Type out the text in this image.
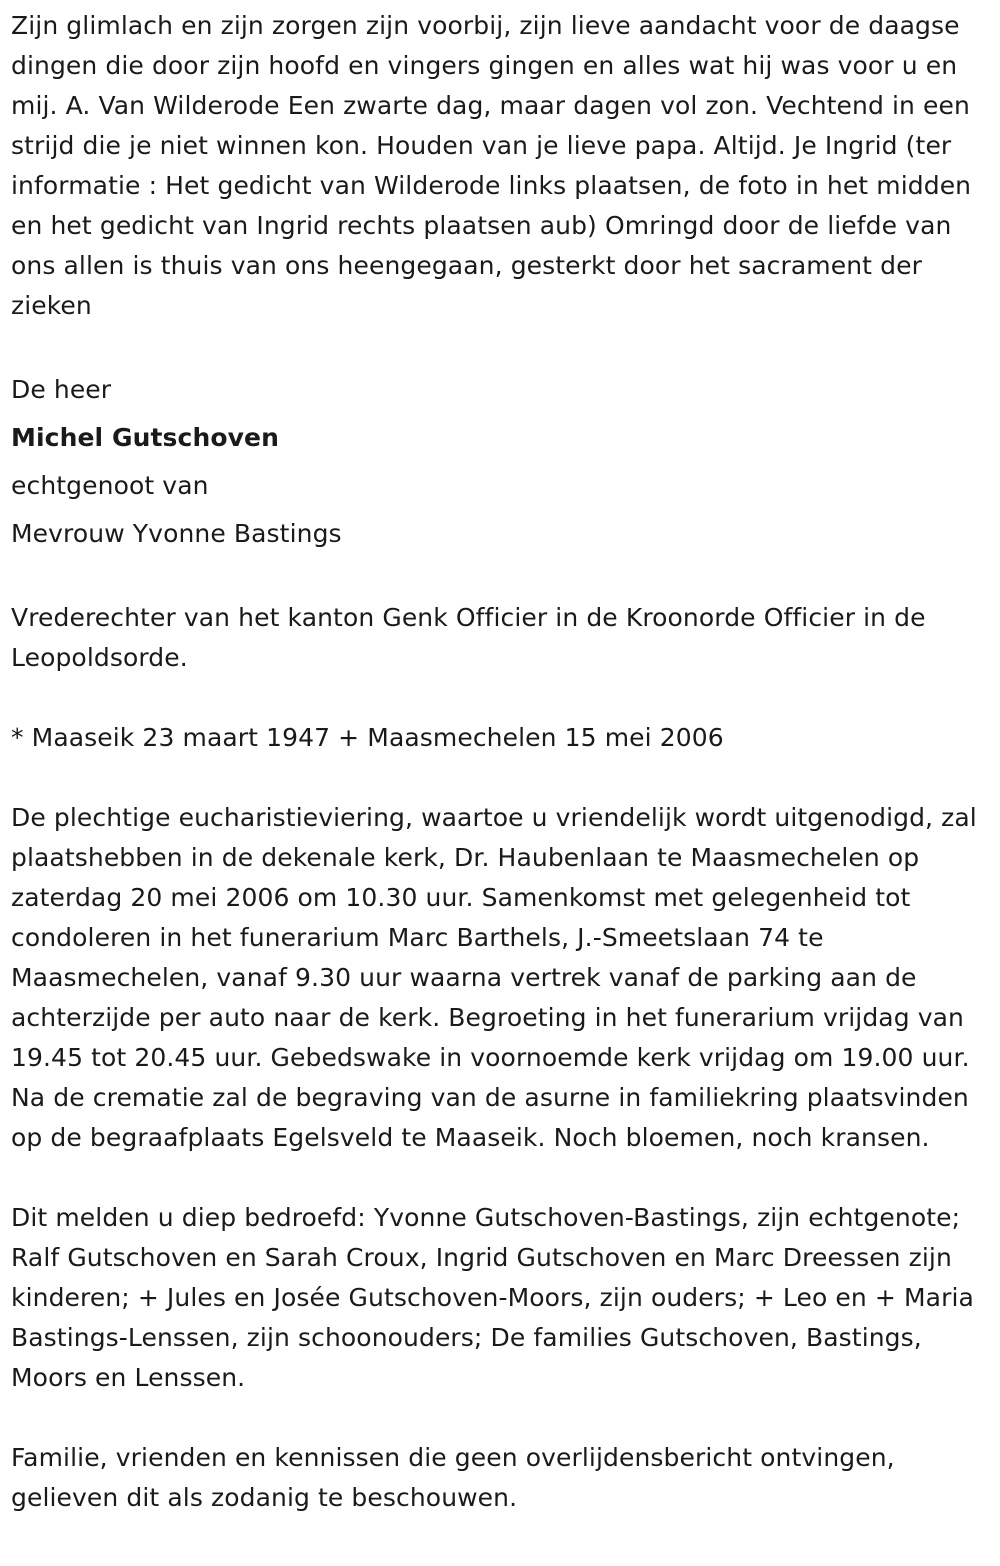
Zijn glimlach en zijn zorgen zijn voorbij, zijn lieve aandacht voor de daagse dingen die door zijn hoofd en vingers gingen en alles wat hij was voor u en mij. A. Van Wilderode Een zwarte dag, maar dagen vol zon. Vechtend in een strijd die je niet winnen kon. Houden van je lieve papa. Altijd. Je Ingrid (ter informatie : Het gedicht van Wilderode links plaatsen, de foto in het midden en het gedicht van Ingrid rechts plaatsen aub) Omringd door de liefde van ons allen is thuis van ons heengegaan, gesterkt door het sacrament der zieken

De heer

Michel Gutschoven

echtgenoot van

Mevrouw Yvonne Bastings

Vrederechter van het kanton Genk Officier in de Kroonorde Officier in de Leopoldsorde.

* Maaseik 23 maart 1947 + Maasmechelen 15 mei 2006

De plechtige eucharistieviering, waartoe u vriendelijk wordt uitgenodigd, zal plaatshebben in de dekenale kerk, Dr. Haubenlaan te Maasmechelen op zaterdag 20 mei 2006 om 10.30 uur. Samenkomst met gelegenheid tot condoleren in het funerarium Marc Barthels, J.-Smeetslaan 74 te Maasmechelen, vanaf 9.30 uur waarna vertrek vanaf de parking aan de achterzijde per auto naar de kerk. Begroeting in het funerarium vrijdag van 19.45 tot 20.45 uur. Gebedswake in voornoemde kerk vrijdag om 19.00 uur. Na de crematie zal de begraving van de asurne in familiekring plaatsvinden op de begraafplaats Egelsveld te Maaseik. Noch bloemen, noch kransen.

Dit melden u diep bedroefd: Yvonne Gutschoven-Bastings, zijn echtgenote; Ralf Gutschoven en Sarah Croux, Ingrid Gutschoven en Marc Dreessen zijn kinderen; + Jules en Josée Gutschoven-Moors, zijn ouders; + Leo en + Maria Bastings-Lenssen, zijn schoonouders; De families Gutschoven, Bastings, Moors en Lenssen.

Familie, vrienden en kennissen die geen overlijdensbericht ontvingen, gelieven dit als zodanig te beschouwen.
